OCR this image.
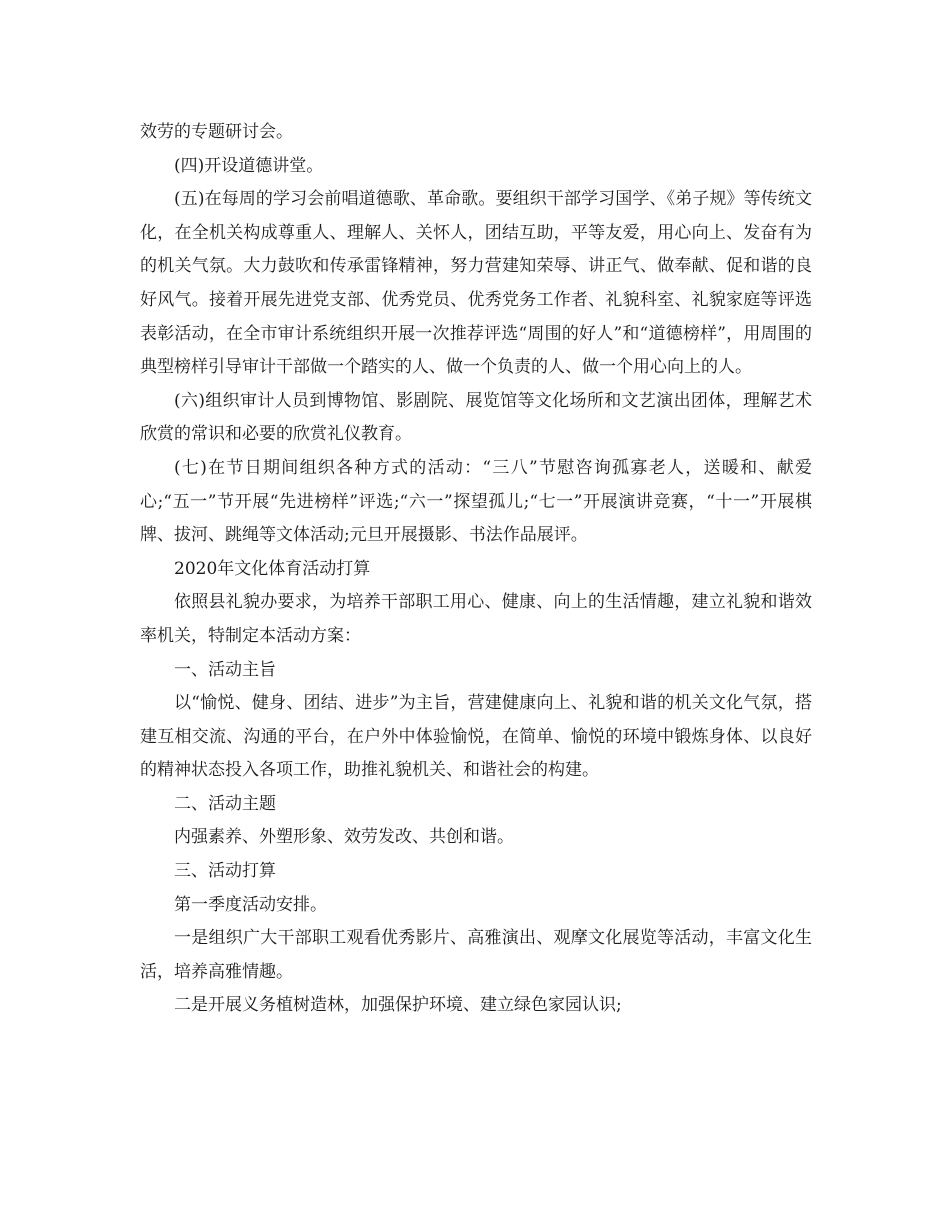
效劳的专题研讨会。

(四)开设道德讲堂。

(五)在每周的学习会前唱道德歌、革命歌。要组织干部学习国学、《弟子规》等传统文化，在全机关构成尊重人、理解人、关怀人，团结互助，平等友爱，用心向上、发奋有为的机关气氛。大力鼓吹和传承雷锋精神，努力营建知荣辱、讲正气、做奉献、促和谐的良好风气。接着开展先进党支部、优秀党员、优秀党务工作者、礼貌科室、礼貌家庭等评选表彰活动，在全市审计系统组织开展一次推荐评选“周围的好人”和“道德榜样”，用周围的典型榜样引导审计干部做一个踏实的人、做一个负责的人、做一个用心向上的人。

(六)组织审计人员到博物馆、影剧院、展览馆等文化场所和文艺演出团体，理解艺术欣赏的常识和必要的欣赏礼仪教育。

(七)在节日期间组织各种方式的活动：“三八”节慰咨询孤寡老人，送暖和、献爱心;“五一”节开展“先进榜样”评选;“六一”探望孤儿;“七一”开展演讲竞赛，“十一”开展棋牌、拔河、跳绳等文体活动;元旦开展摄影、书法作品展评。

2020年文化体育活动打算

依照县礼貌办要求，为培养干部职工用心、健康、向上的生活情趣，建立礼貌和谐效率机关，特制定本活动方案：

一、活动主旨

以“愉悦、健身、团结、进步”为主旨，营建健康向上、礼貌和谐的机关文化气氛，搭建互相交流、沟通的平台，在户外中体验愉悦，在简单、愉悦的环境中锻炼身体、以良好的精神状态投入各项工作，助推礼貌机关、和谐社会的构建。

二、活动主题

内强素养、外塑形象、效劳发改、共创和谐。

三、活动打算

第一季度活动安排。

一是组织广大干部职工观看优秀影片、高雅演出、观摩文化展览等活动，丰富文化生活，培养高雅情趣。

二是开展义务植树造林，加强保护环境、建立绿色家园认识;
